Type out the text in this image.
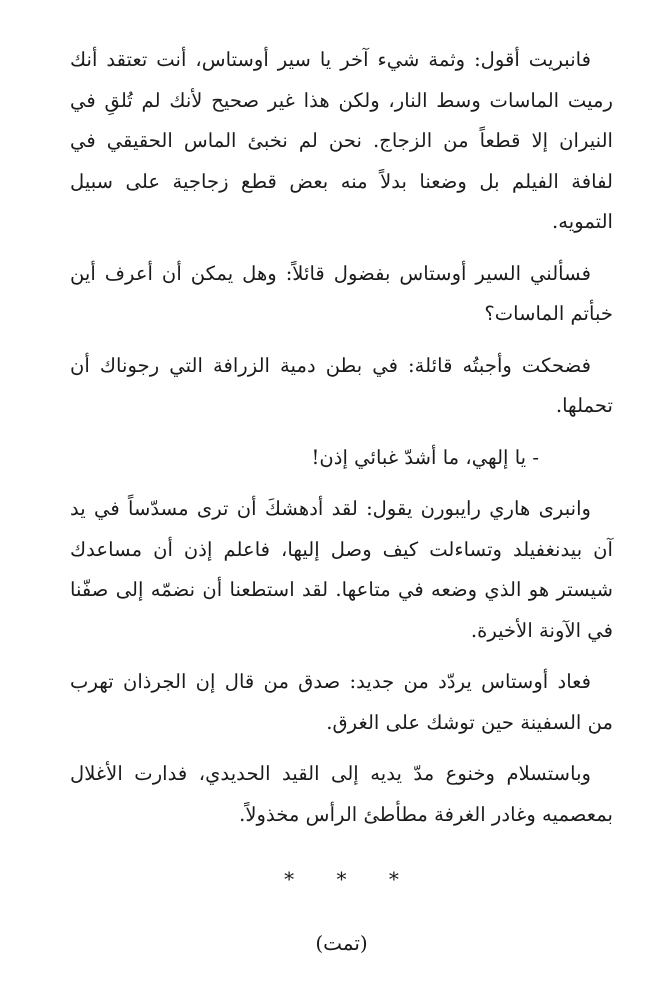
فانبريت أقول: وثمة شيء آخر يا سير أوستاس، أنت تعتقد أنك رميت الماسات وسط النار، ولكن هذا غير صحيح لأنك لم تُلقِ في النيران إلا قطعاً من الزجاج. نحن لم نخبئ الماس الحقيقي في لفافة الفيلم بل وضعنا بدلاً منه بعض قطع زجاجية على سبيل التمويه.

فسألني السير أوستاس بفضول قائلاً: وهل يمكن أن أعرف أين خبأتم الماسات؟

فضحكت وأجبتُه قائلة: في بطن دمية الزرافة التي رجوناك أن تحملها.

- يا إلهي، ما أشدّ غبائي إذن!

وانبرى هاري رايبورن يقول: لقد أدهشكَ أن ترى مسدّساً في يد آن بيدنغفيلد وتساءلت كيف وصل إليها، فاعلم إذن أن مساعدك شيستر هو الذي وضعه في متاعها. لقد استطعنا أن نضمّه إلى صفّنا في الآونة الأخيرة.

فعاد أوستاس يردّد من جديد: صدق من قال إن الجرذان تهرب من السفينة حين توشك على الغرق.

وباستسلام وخنوع مدّ يديه إلى القيد الحديدي، فدارت الأغلال بمعصميه وغادر الغرفة مطأطئ الرأس مخذولاً.

* * *
(تمت)
